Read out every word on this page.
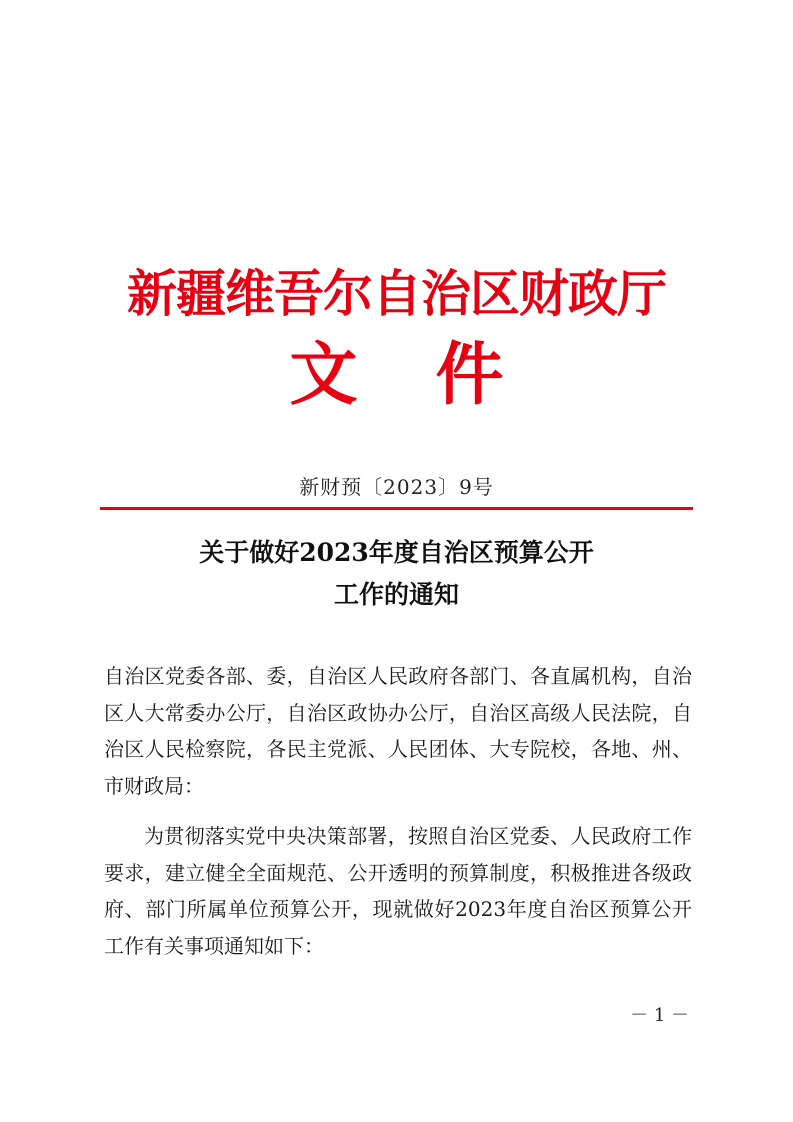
新疆维吾尔自治区财政厅
文件
新财预〔2023〕9号
关于做好2023年度自治区预算公开
工作的通知
自治区党委各部、委，自治区人民政府各部门、各直属机构，自治区人大常委办公厅，自治区政协办公厅，自治区高级人民法院，自治区人民检察院，各民主党派、人民团体、大专院校，各地、州、市财政局：
为贯彻落实党中央决策部署，按照自治区党委、人民政府工作要求，建立健全全面规范、公开透明的预算制度，积极推进各级政府、部门所属单位预算公开，现就做好2023年度自治区预算公开工作有关事项通知如下：
－ 1 －
